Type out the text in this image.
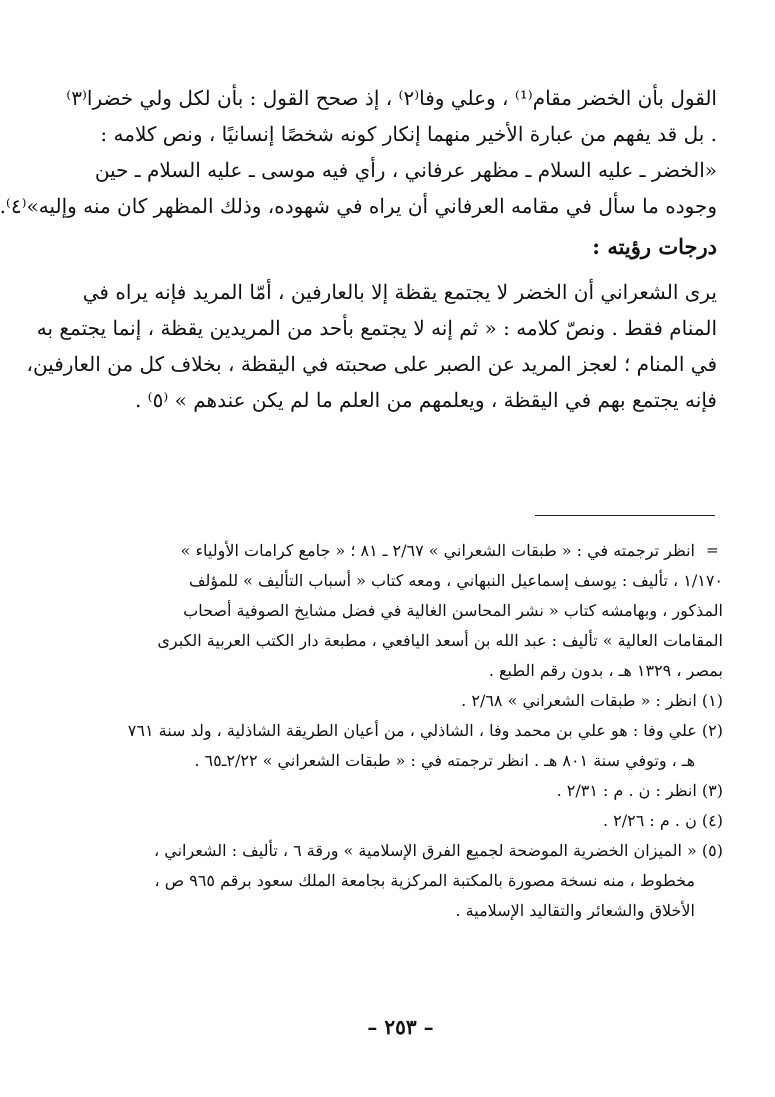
القول بأن الخضر مقام⁽¹⁾ ، وعلي وفا⁽٢⁾ ، إذ صحح القول : بأن لكل ولي خضرا⁽٣⁾
. بل قد يفهم من عبارة الأخير منهما إنكار كونه شخصًا إنسانيًا ، ونص كلامه :
«الخضر ـ عليه السلام ـ مظهر عرفاني ، رأي فيه موسى ـ عليه السلام ـ حين
وجوده ما سأل في مقامه العرفاني أن يراه في شهوده، وذلك المظهر كان منه وإليه»⁽٤⁾.
درجات رؤيته :
يرى الشعراني أن الخضر لا يجتمع يقظة إلا بالعارفين ، أمّا المريد فإنه يراه في
المنام فقط . ونصّ كلامه : « ثم إنه لا يجتمع بأحد من المريدين يقظة ، إنما يجتمع به
في المنام ؛ لعجز المريد عن الصبر على صحبته في اليقظة ، بخلاف كل من العارفين،
فإنه يجتمع بهم في اليقظة ، ويعلمهم من العلم ما لم يكن عندهم » ⁽٥⁾ .
=
انظر ترجمته في : « طبقات الشعراني » ٢/٦٧ ـ ٨١ ؛ « جامع كرامات الأولياء »
١/١٧٠ ، تأليف : يوسف إسماعيل النبهاني ، ومعه كتاب « أسباب التأليف » للمؤلف
المذكور ، وبهامشه كتاب « نشر المحاسن الغالية في فضل مشايخ الصوفية أصحاب
المقامات العالية » تأليف : عبد الله بن أسعد اليافعي ، مطبعة دار الكتب العربية الكبرى
بمصر ، ١٣٢٩ هـ ، بدون رقم الطبع .
(١) انظر : « طبقات الشعراني » ٢/٦٨ .
(٢) علي وفا : هو علي بن محمد وفا ، الشاذلي ، من أعيان الطريقة الشاذلية ، ولد سنة ٧٦١
هـ ، وتوفي سنة ٨٠١ هـ . انظر ترجمته في : « طبقات الشعراني » ٢/٢٢ـ٦٥ .
(٣) انظر : ن . م : ٢/٣١ .
(٤) ن . م : ٢/٢٦ .
(٥) « الميزان الخضرية الموضحة لجميع الفرق الإسلامية » ورقة ٦ ، تأليف : الشعراني ،
مخطوط ، منه نسخة مصورة بالمكتبة المركزية بجامعة الملك سعود برقم ٩٦٥ ص ،
الأخلاق والشعائر والتقاليد الإسلامية .
– ٢٥٣ –
